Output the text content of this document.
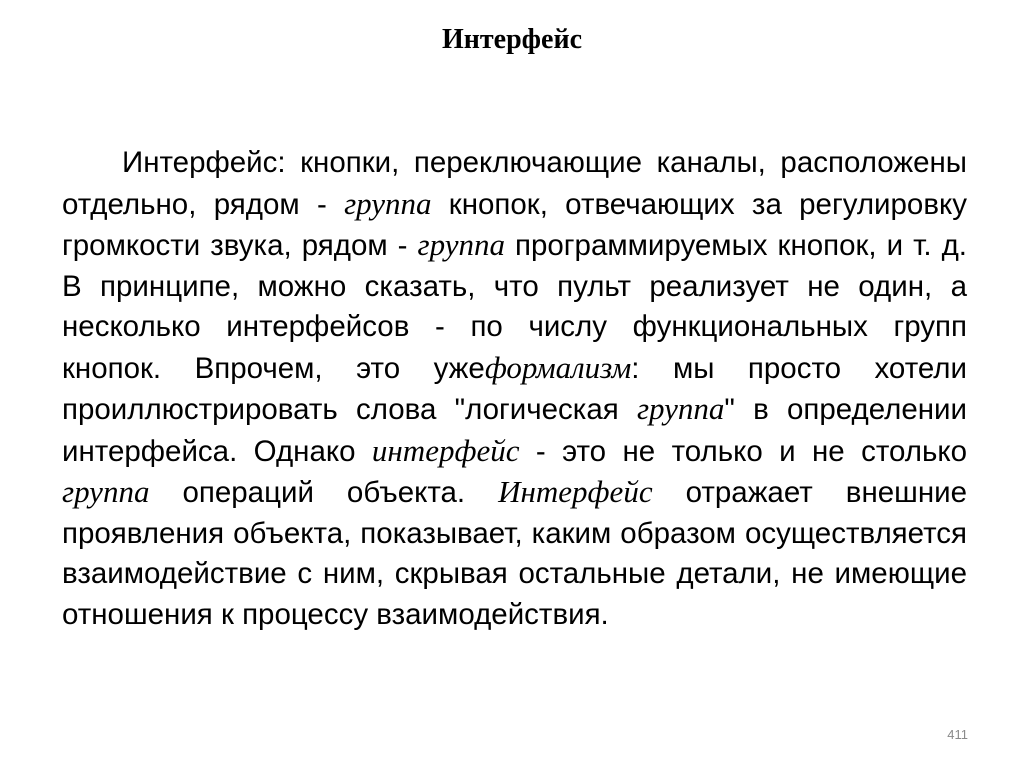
Интерфейс

Интерфейс: кнопки, переключающие каналы, расположены отдельно, рядом - группа кнопок, отвечающих за регулировку громкости звука, рядом - группа программируемых кнопок, и т. д. В принципе, можно сказать, что пульт реализует не один, а несколько интерфейсов - по числу функциональных групп кнопок. Впрочем, это ужеформализм: мы просто хотели проиллюстрировать слова "логическая группа" в определении интерфейса. Однако интерфейс - это не только и не столько группа операций объекта. Интерфейс отражает внешние проявления объекта, показывает, каким образом осуществляется взаимодействие с ним, скрывая остальные детали, не имеющие отношения к процессу взаимодействия.

411
